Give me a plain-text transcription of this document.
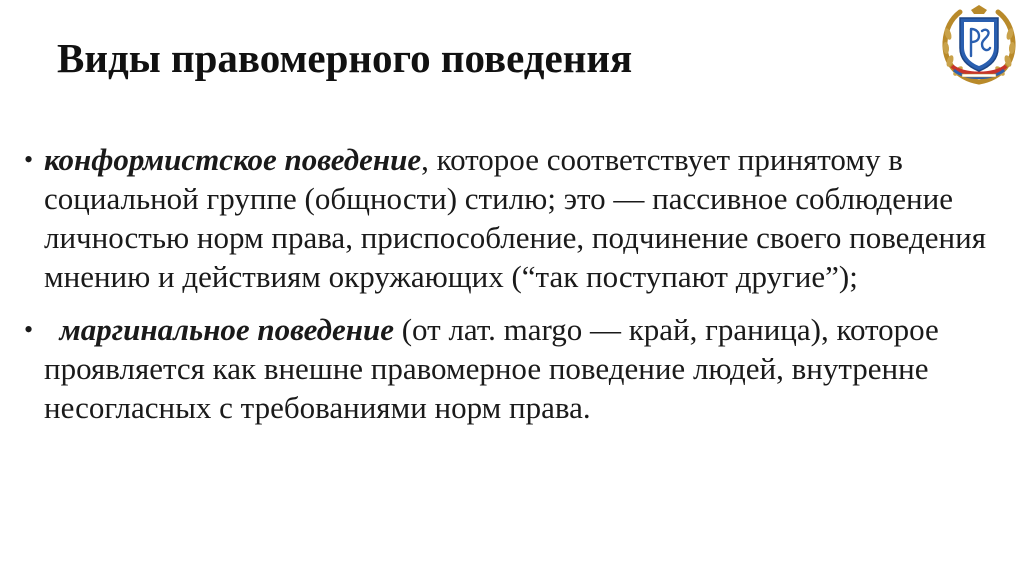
Виды правомерного поведения
• конформистское поведение, которое соответствует принятому в социальной группе (общности) стилю; это — пассивное соблюдение личностью норм права, приспособление, подчинение своего поведения мнению и действиям окружающих (“так поступают другие”);
• маргинальное поведение (от лат. margo — край, граница), которое проявляется как внешне правомерное поведение людей, внутренне несогласных с требованиями норм права.
